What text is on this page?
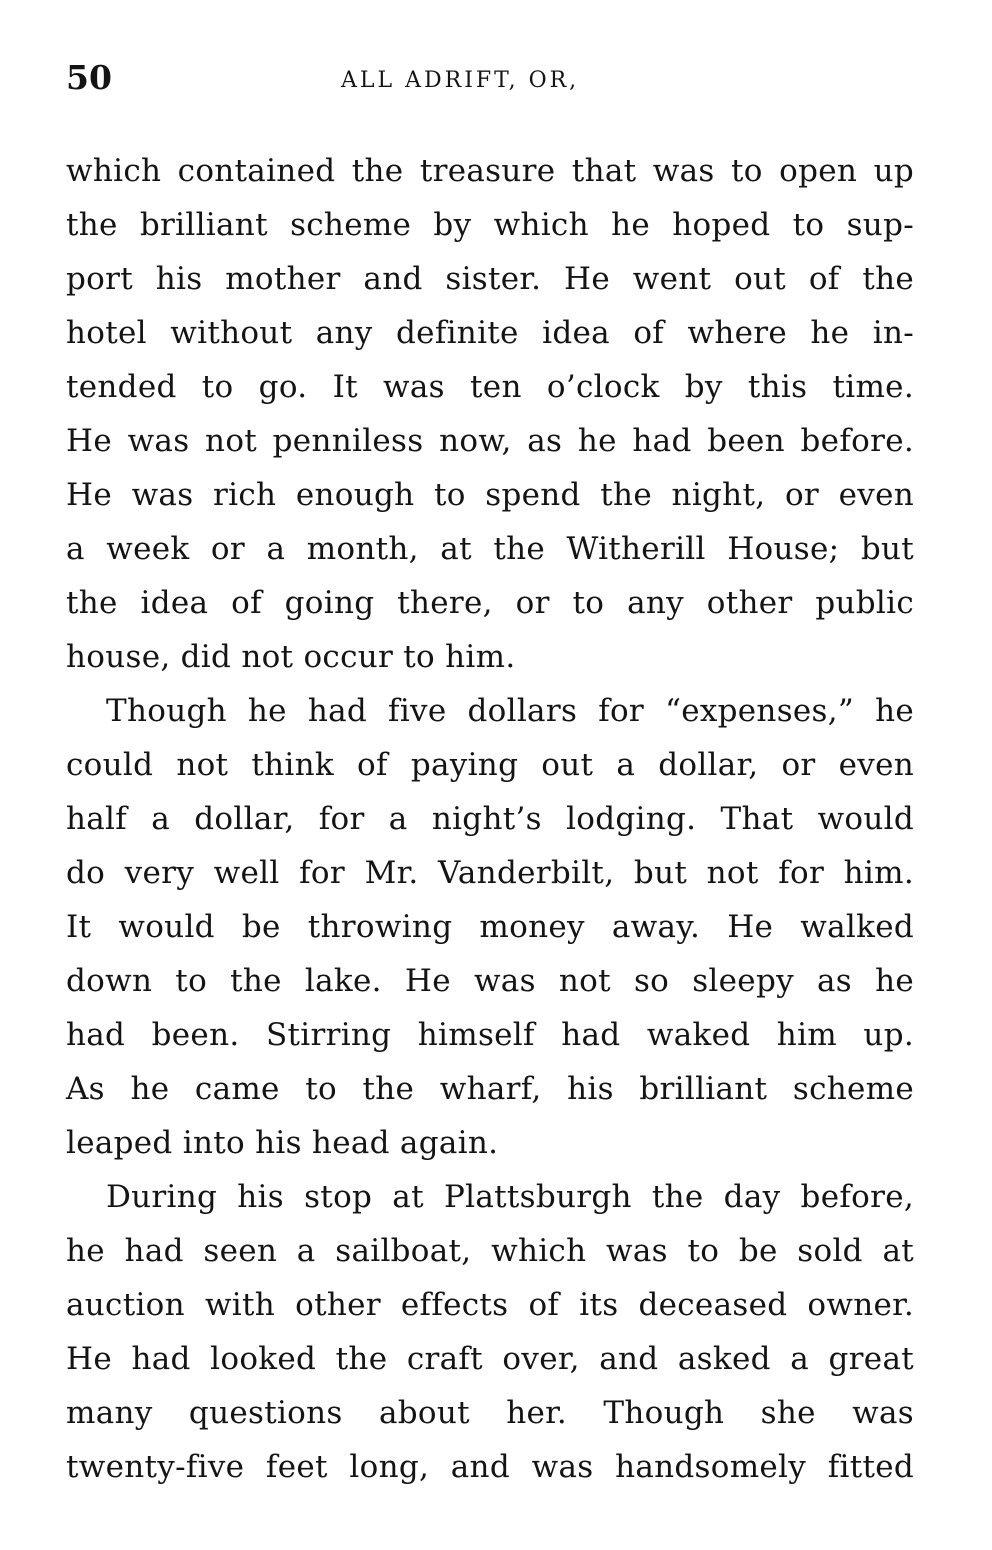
50	ALL ADRIFT, OR,
which contained the treasure that was to open up
the brilliant scheme by which he hoped to sup-
port his mother and sister. He went out of the
hotel without any definite idea of where he in-
tended to go. It was ten o’clock by this time.
He was not penniless now, as he had been before.
He was rich enough to spend the night, or even
a week or a month, at the Witherill House; but
the idea of going there, or to any other public
house, did not occur to him.
Though he had five dollars for “expenses,” he
could not think of paying out a dollar, or even
half a dollar, for a night’s lodging. That would
do very well for Mr. Vanderbilt, but not for him.
It would be throwing money away. He walked
down to the lake. He was not so sleepy as he
had been. Stirring himself had waked him up.
As he came to the wharf, his brilliant scheme
leaped into his head again.
During his stop at Plattsburgh the day before,
he had seen a sailboat, which was to be sold at
auction with other effects of its deceased owner.
He had looked the craft over, and asked a great
many questions about her. Though she was
twenty-five feet long, and was handsomely fitted
